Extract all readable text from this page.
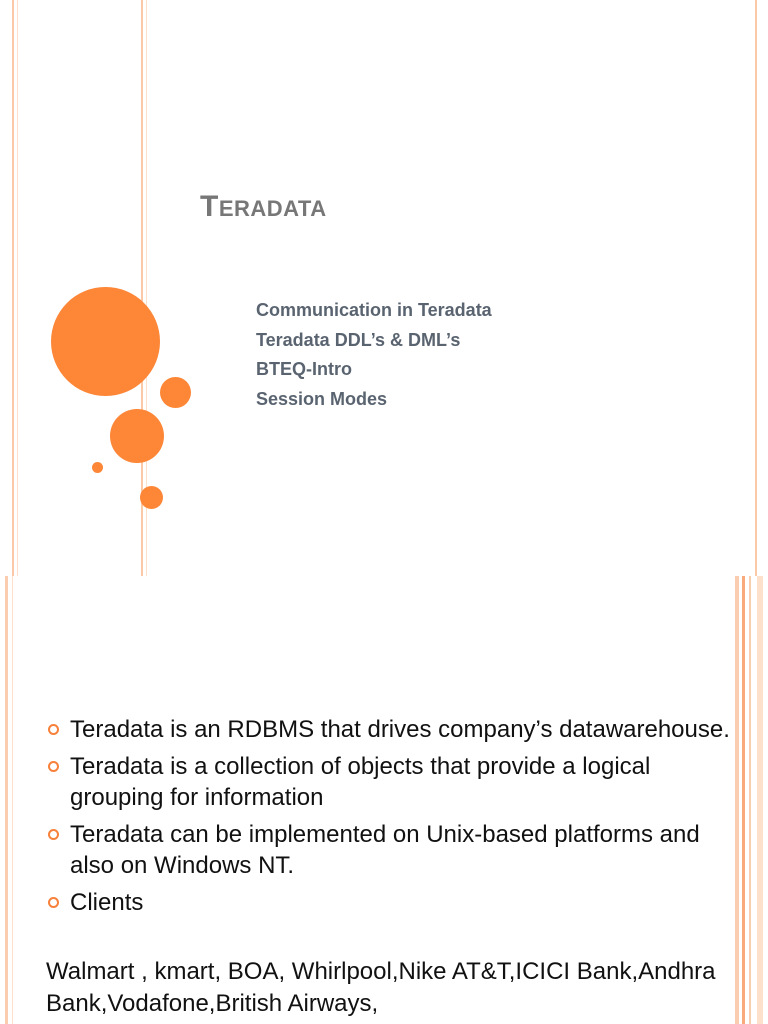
TERADATA
Communication in Teradata
Teradata DDL’s & DML’s
BTEQ-Intro
Session Modes
Teradata is an RDBMS that drives company’s datawarehouse.
Teradata is a collection of objects that provide a logical grouping for information
Teradata can be implemented on Unix-based platforms and also on Windows NT.
Clients
Walmart , kmart, BOA, Whirlpool,Nike AT&T,ICICI Bank,Andhra Bank,Vodafone,British Airways,
